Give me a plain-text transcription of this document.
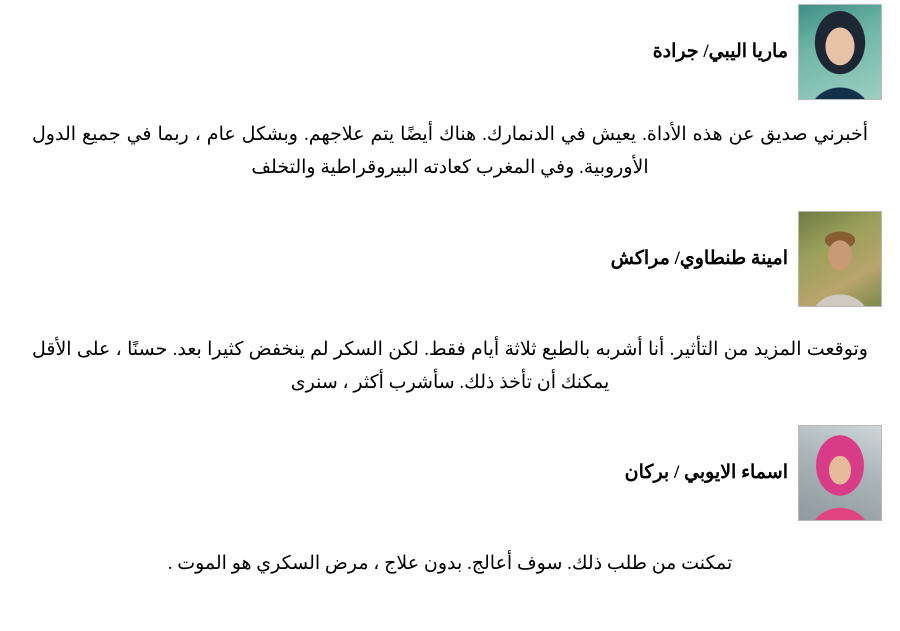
ماريا اليبي/ جرادة

أخبرني صديق عن هذه الأداة. يعيش في الدنمارك. هناك أيضًا يتم علاجهم. وبشكل عام ، ربما في جميع الدول الأوروبية. وفي المغرب كعادته البيروقراطية والتخلف

امينة طنطاوي/ مراكش

وتوقعت المزيد من التأثير. أنا أشربه بالطبع ثلاثة أيام فقط. لكن السكر لم ينخفض كثيرا بعد. حسنًا ، على الأقل يمكنك أن تأخذ ذلك. سأشرب أكثر ، سنرى

اسماء الايوبي / بركان

تمكنت من طلب ذلك. سوف أعالج. بدون علاج ، مرض السكري هو الموت .
